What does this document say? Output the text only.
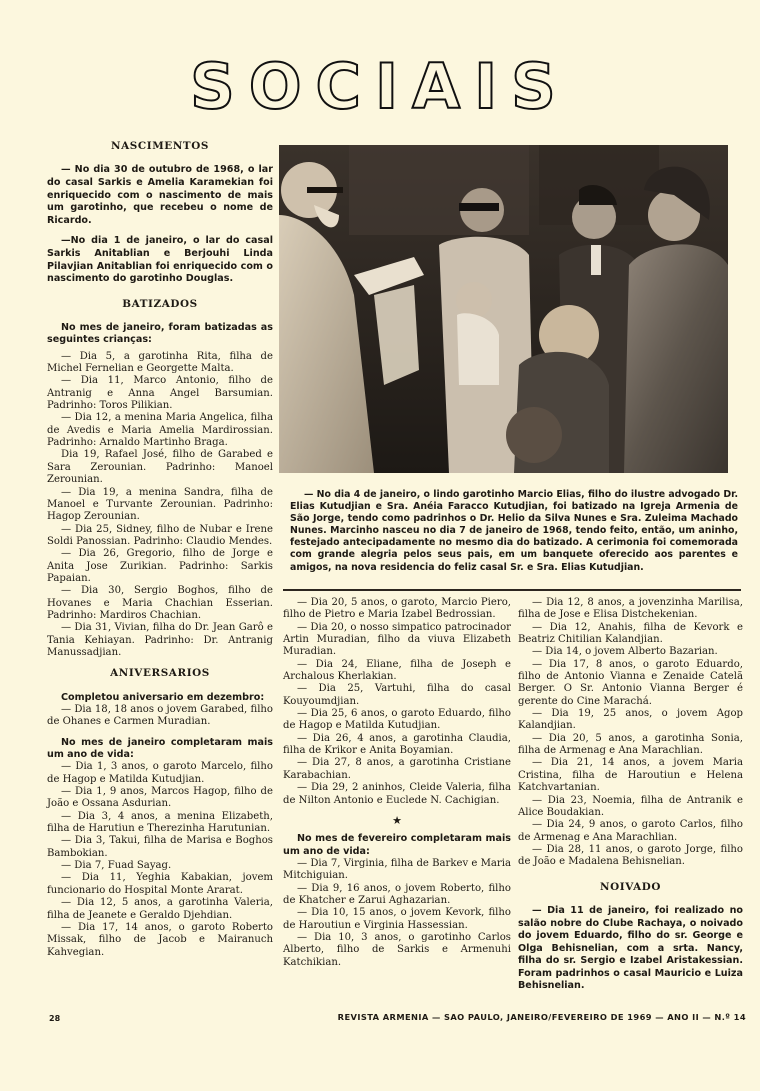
SOCIAIS
NASCIMENTOS

— No dia 30 de outubro de 1968, o lar do casal Sarkis e Amelia Karamekian foi enriquecido com o nascimento de mais um garotinho, que recebeu o nome de Ricardo.

—No dia 1 de janeiro, o lar do casal Sarkis Anitablian e Berjouhi Linda Pilavjian Anitablian foi enriquecido com o nascimento do garotinho Douglas.

BATIZADOS

No mes de janeiro, foram batizadas as seguintes crianças:

— Dia 5, a garotinha Rita, filha de Michel Fernelian e Georgette Malta.

— Dia 11, Marco Antonio, filho de Antranig e Anna Angel Barsumian. Padrinho: Toros Pilikian.

— Dia 12, a menina Maria Angelica, filha de Avedis e Maria Amelia Mardirossian. Padrinho: Arnaldo Martinho Braga.

Dia 19, Rafael José, filho de Garabed e Sara Zerounian. Padrinho: Manoel Zerounian.

— Dia 19, a menina Sandra, filha de Manoel e Turvante Zerounian. Padrinho: Hagop Zerounian.

— Dia 25, Sidney, filho de Nubar e Irene Soldi Panossian. Padrinho: Claudio Mendes.

— Dia 26, Gregorio, filho de Jorge e Anita Jose Zurikian. Padrinho: Sarkis Papaian.

— Dia 30, Sergio Boghos, filho de Hovanes e Maria Chachian Esserian. Padrinho: Mardiros Chachian.

— Dia 31, Vivian, filha do Dr. Jean Garô e Tania Kehiayan. Padrinho: Dr. Antranig Manussadjian.

ANIVERSARIOS

Completou aniversario em dezembro:

— Dia 18, 18 anos o jovem Garabed, filho de Ohanes e Carmen Muradian.

No mes de janeiro completaram mais um ano de vida:

— Dia 1, 3 anos, o garoto Marcelo, filho de Hagop e Matilda Kutudjian.

— Dia 1, 9 anos, Marcos Hagop, filho de João e Ossana Asdurian.

— Dia 3, 4 anos, a menina Elizabeth, filha de Harutiun e Therezinha Harutunian.

— Dia 3, Takui, filha de Marisa e Boghos Bambokian.

— Dia 7, Fuad Sayag.

— Dia 11, Yeghia Kabakian, jovem funcionario do Hospital Monte Ararat.

— Dia 12, 5 anos, a garotinha Valeria, filha de Jeanete e Geraldo Djehdian.

— Dia 17, 14 anos, o garoto Roberto Missak, filho de Jacob e Mairanuch Kahvegian.

— No dia 4 de janeiro, o lindo garotinho Marcio Elias, filho do ilustre advogado Dr. Elias Kutudjian e Sra. Anéia Faracco Kutudjian, foi batizado na Igreja Armenia de São Jorge, tendo como padrinhos o Dr. Helio da Silva Nunes e Sra. Zuleima Machado Nunes. Marcinho nasceu no dia 7 de janeiro de 1968, tendo feito, então, um aninho, festejado antecipadamente no mesmo dia do batizado. A cerimonia foi comemorada com grande alegria pelos seus pais, em um banquete oferecido aos parentes e amigos, na nova residencia do feliz casal Sr. e Sra. Elias Kutudjian.

— Dia 20, 5 anos, o garoto, Marcio Piero, filho de Pietro e Maria Izabel Bedrossian.

— Dia 20, o nosso simpatico patrocinador Artin Muradian, filho da viuva Elizabeth Muradian.

— Dia 24, Eliane, filha de Joseph e Archalous Kherlakian.

— Dia 25, Vartuhi, filha do casal Kouyoumdjian.

— Dia 25, 6 anos, o garoto Eduardo, filho de Hagop e Matilda Kutudjian.

— Dia 26, 4 anos, a garotinha Claudia, filha de Krikor e Anita Boyamian.

— Dia 27, 8 anos, a garotinha Cristiane Karabachian.

— Dia 29, 2 aninhos, Cleide Valeria, filha de Nilton Antonio e Euclede N. Cachigian.

★

No mes de fevereiro completaram mais um ano de vida:

— Dia 7, Virginia, filha de Barkev e Maria Mitchiguian.

— Dia 9, 16 anos, o jovem Roberto, filho de Khatcher e Zarui Aghazarian.

— Dia 10, 15 anos, o jovem Kevork, filho de Haroutiun e Virginia Hassessian.

— Dia 10, 3 anos, o garotinho Carlos Alberto, filho de Sarkis e Armenuhi Katchikian.

— Dia 12, 8 anos, a jovenzinha Marilisa, filha de Jose e Elisa Distchekenian.

— Dia 12, Anahis, filha de Kevork e Beatriz Chitilian Kalandjian.

— Dia 14, o jovem Alberto Bazarian.

— Dia 17, 8 anos, o garoto Eduardo, filho de Antonio Vianna e Zenaide Catelã Berger. O Sr. Antonio Vianna Berger é gerente do Cine Marachá.

— Dia 19, 25 anos, o jovem Agop Kalandjian.

— Dia 20, 5 anos, a garotinha Sonia, filha de Armenag e Ana Marachlian.

— Dia 21, 14 anos, a jovem Maria Cristina, filha de Haroutiun e Helena Katchvartanian.

— Dia 23, Noemia, filha de Antranik e Alice Boudakian.

— Dia 24, 9 anos, o garoto Carlos, filho de Armenag e Ana Marachlian.

— Dia 28, 11 anos, o garoto Jorge, filho de João e Madalena Behisnelian.

NOIVADO

— Dia 11 de janeiro, foi realizado no salão nobre do Clube Rachaya, o noivado do jovem Eduardo, filho do sr. George e Olga Behisnelian, com a srta. Nancy, filha do sr. Sergio e Izabel Aristakessian. Foram padrinhos o casal Mauricio e Luiza Behisnelian.

28	REVISTA ARMENIA — SAO PAULO, JANEIRO/FEVEREIRO DE 1969 — ANO II — N.º 14
